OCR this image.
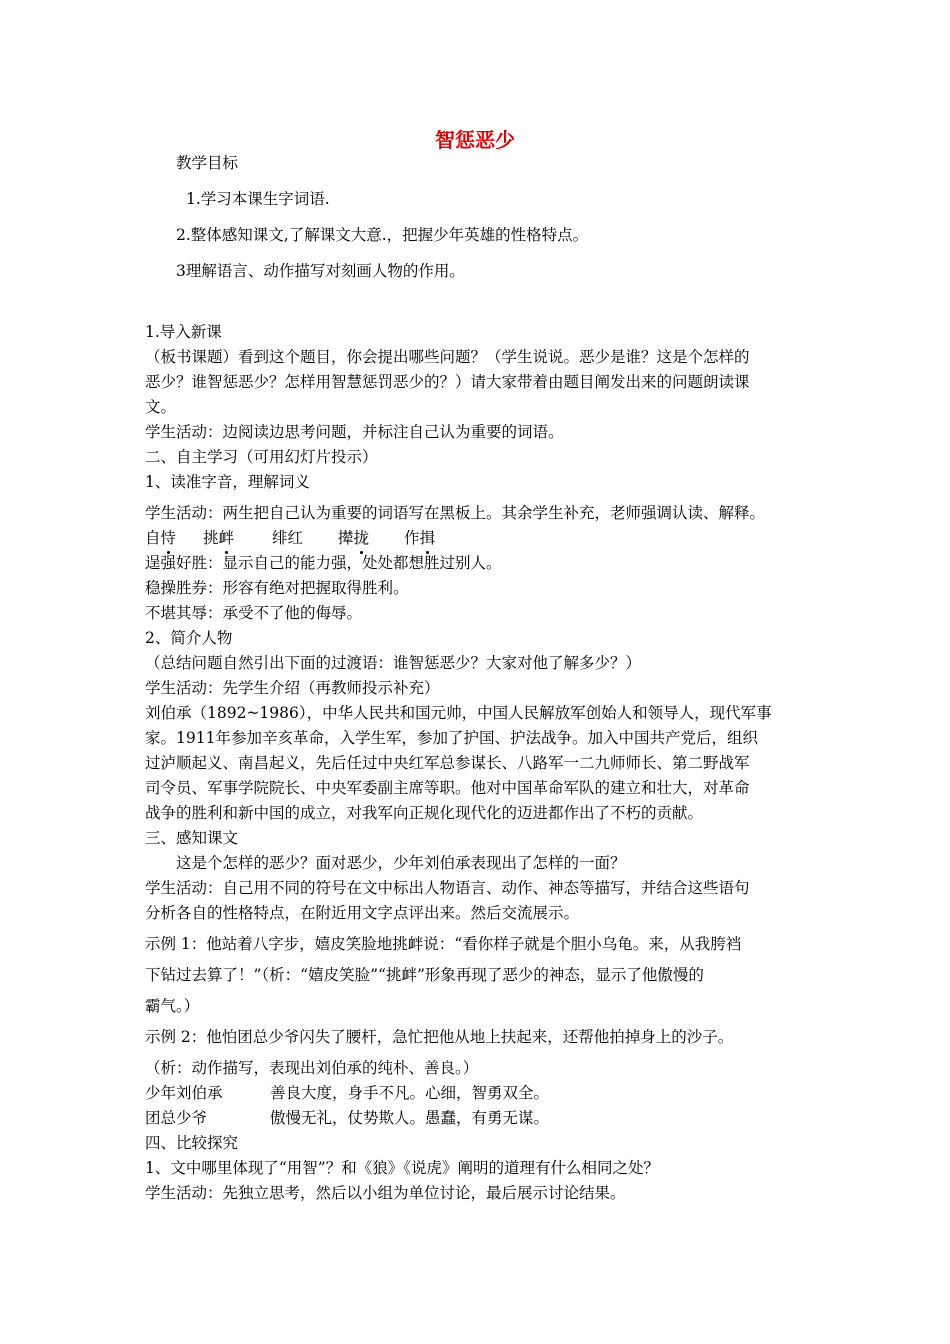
智惩恶少
教学目标
1.学习本课生字词语.
2.整体感知课文,了解课文大意.，把握少年英雄的性格特点。
3理解语言、动作描写对刻画人物的作用。
1.导入新课
（板书课题）看到这个题目，你会提出哪些问题？（学生说说。恶少是谁？这是个怎样的
恶少？谁智惩恶少？怎样用智慧惩罚恶少的？）请大家带着由题目阐发出来的问题朗读课
文。
学生活动：边阅读边思考问题，并标注自己认为重要的词语。
二、自主学习（可用幻灯片投示）
1、读准字音，理解词义
学生活动：两生把自己认为重要的词语写在黑板上。其余学生补充，老师强调认读、解释。
自恃 挑衅 绯红 撵拢 作揖
逞强好胜：显示自己的能力强，处处都想胜过别人。
稳操胜券：形容有绝对把握取得胜利。
不堪其辱：承受不了他的侮辱。
2、简介人物
（总结问题自然引出下面的过渡语：谁智惩恶少？大家对他了解多少？）
学生活动：先学生介绍（再教师投示补充）
刘伯承（1892~1986），中华人民共和国元帅，中国人民解放军创始人和领导人，现代军事
家。1911年参加辛亥革命，入学生军，参加了护国、护法战争。加入中国共产党后，组织
过泸顺起义、南昌起义，先后任过中央红军总参谋长、八路军一二九师师长、第二野战军
司令员、军事学院院长、中央军委副主席等职。他对中国革命军队的建立和壮大，对革命
战争的胜利和新中国的成立，对我军向正规化现代化的迈进都作出了不朽的贡献。
三、感知课文
这是个怎样的恶少？面对恶少，少年刘伯承表现出了怎样的一面？
学生活动：自己用不同的符号在文中标出人物语言、动作、神态等描写，并结合这些语句
分析各自的性格特点，在附近用文字点评出来。然后交流展示。
示例 1：他站着八字步，嬉皮笑脸地挑衅说：“看你样子就是个胆小乌龟。来，从我胯裆
下钻过去算了！”（析：“嬉皮笑脸”“挑衅”形象再现了恶少的神态，显示了他傲慢的
霸气。）
示例 2：他怕团总少爷闪失了腰杆，急忙把他从地上扶起来，还帮他拍掉身上的沙子。
（析：动作描写，表现出刘伯承的纯朴、善良。）
少年刘伯承	善良大度，身手不凡。心细，智勇双全。
团总少爷	傲慢无礼，仗势欺人。愚蠢，有勇无谋。
四、比较探究
1、文中哪里体现了“用智”？和《狼》《说虎》阐明的道理有什么相同之处？
学生活动：先独立思考，然后以小组为单位讨论，最后展示讨论结果。
